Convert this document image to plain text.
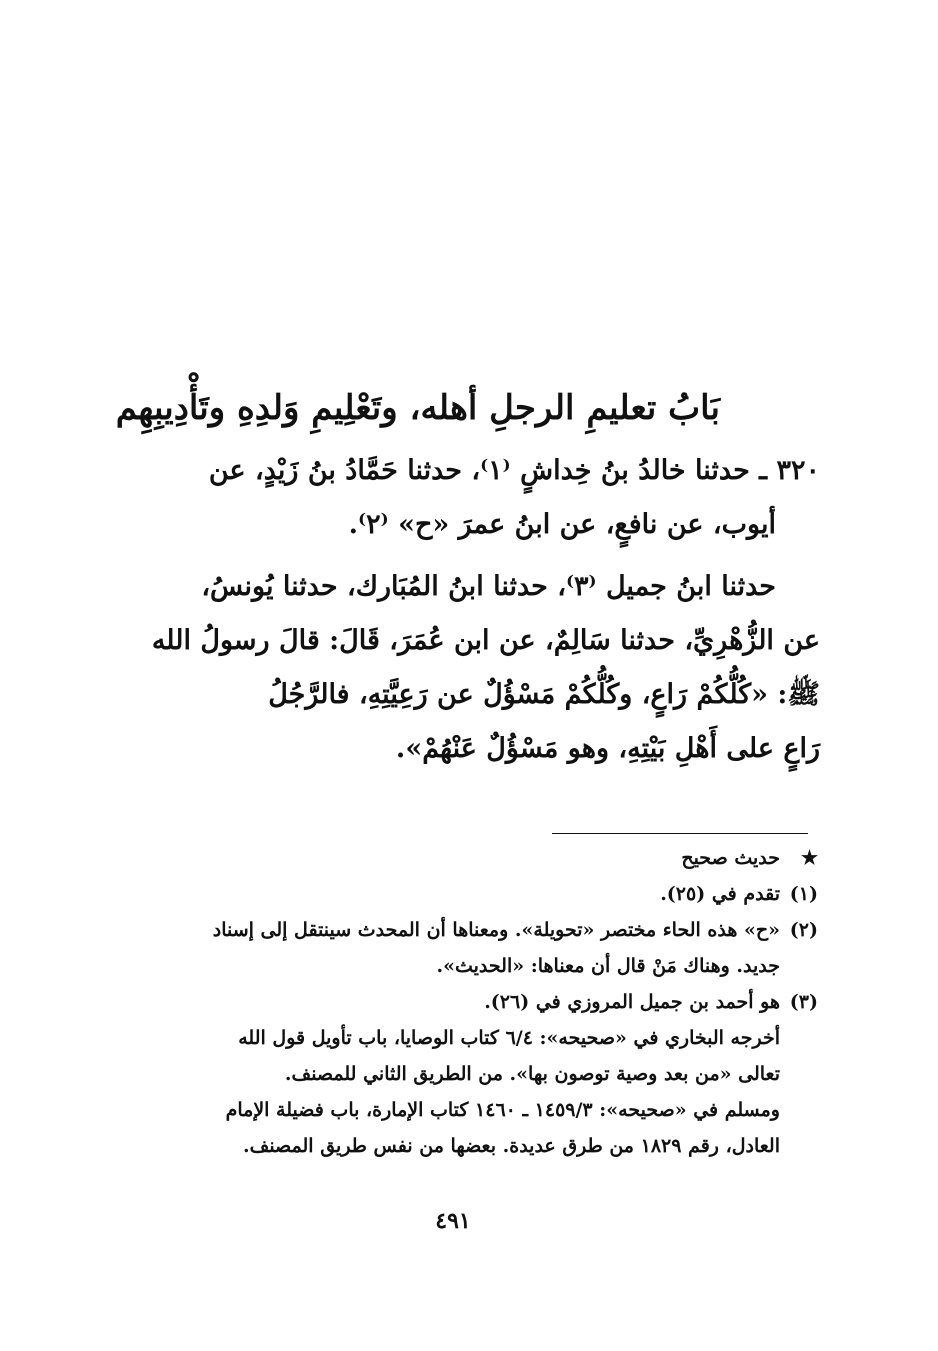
بَابُ تعليمِ الرجلِ أهله، وتَعْلِيمِ وَلدِهِ وتَأْدِيبِهِم

٣٢٠ ـ حدثنا خالدُ بنُ خِداشٍ ⁽١⁾، حدثنا حَمَّادُ بنُ زَيْدٍ، عن
أيوب، عن نافعٍ، عن ابنُ عمرَ «ح» ⁽٢⁾.

حدثنا ابنُ جميل ⁽٣⁾، حدثنا ابنُ المُبَارك، حدثنا يُونسُ،
عن الزُّهْرِيِّ، حدثنا سَالِمٌ، عن ابن عُمَرَ، قَالَ: قالَ رسولُ الله
ﷺ: «كُلُّكُمْ رَاعٍ، وكُلُّكُمْ مَسْؤُلٌ عن رَعِيَّتِهِ، فالرَّجُلُ
رَاعٍ على أَهْلِ بَيْتِهِ، وهو مَسْؤُلٌ عَنْهُمْ».

★
حديث صحيح
(١)
تقدم في (٢٥).
(٢)
«ح» هذه الحاء مختصر «تحويلة». ومعناها أن المحدث سينتقل إلى إسناد
جديد. وهناك مَنْ قال أن معناها: «الحديث».
(٣)
هو أحمد بن جميل المروزي في (٢٦).
أخرجه البخاري في «صحيحه»: ٦/٤ كتاب الوصايا، باب تأويل قول الله
تعالى «من بعد وصية توصون بها». من الطريق الثاني للمصنف.
ومسلم في «صحيحه»: ١٤٥٩/٣ ـ ١٤٦٠ كتاب الإمارة، باب فضيلة الإمام
العادل، رقم ١٨٢٩ من طرق عديدة. بعضها من نفس طريق المصنف.
٤٩١
